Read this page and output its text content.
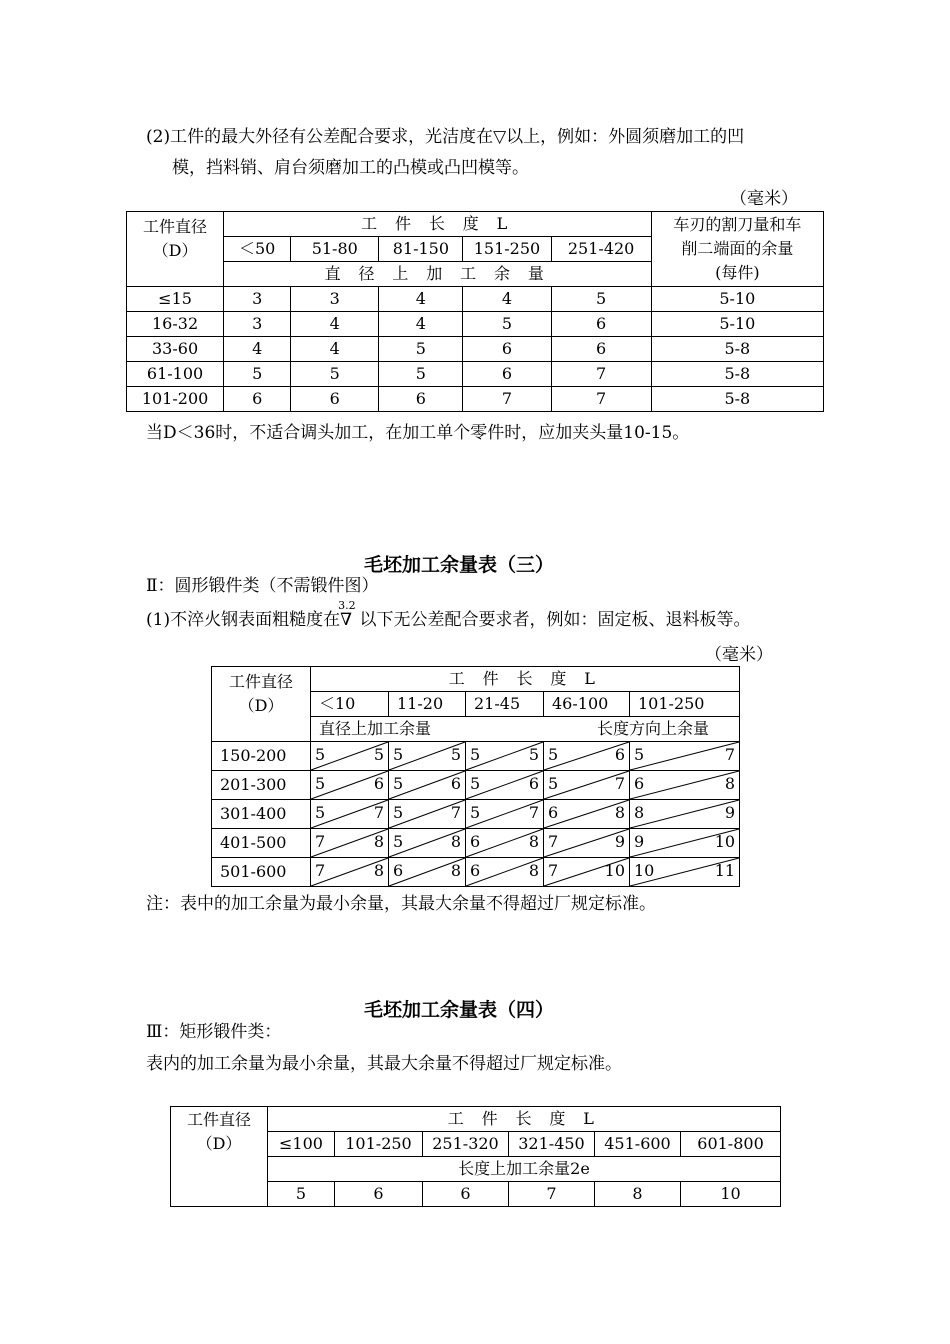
(2)工件的最大外径有公差配合要求，光洁度在▽以上，例如：外圆须磨加工的凹
模，挡料销、肩台须磨加工的凸模或凸凹模等。
（毫米）
工件直径
（D）	工 件 长 度 L					车刃的割刀量和车
削二端面的余量
(每件)
	＜50	51-80	81-150	151-250	251-420	
	直 径 上 加 工 余 量					
≤15	3	3	4	4	5	5-10
16-32	3	4	4	5	6	5-10
33-60	4	4	5	6	6	5-8
61-100	5	5	5	6	7	5-8
101-200	6	6	6	7	7	5-8
当D＜36时，不适合调头加工，在加工单个零件时，应加夹头量10-15。
毛坯加工余量表（三）
Ⅱ：圆形锻件类（不需锻件图）
(1)不淬火钢表面粗糙度在
3.2
∇ 以下无公差配合要求者，例如：固定板、退料板等。
（毫米）
工件直径
（D）	工 件 长 度 L				
	＜10	11-20	21-45	46-100	101-250
	直径上加工余量 长度方向上余量				

150-200	5 5	5 5	5 5	5 6	5 7

201-300	5 6	5 6	5 6	5 7	6 8

301-400	5 7	5 7	5 7	6 8	8 9

401-500	7 8	5 8	6 8	7 9	9 10

501-600	7 8	6 8	6 8	7 10	10 11
注：表中的加工余量为最小余量，其最大余量不得超过厂规定标准。
毛坯加工余量表（四）
Ⅲ：矩形锻件类：
表内的加工余量为最小余量，其最大余量不得超过厂规定标准。
工件直径
（D）	工 件 长 度 L					
	≤100	101-250	251-320	321-450	451-600	601-800
	长度上加工余量2e					
	5	6	6	7	8	10
